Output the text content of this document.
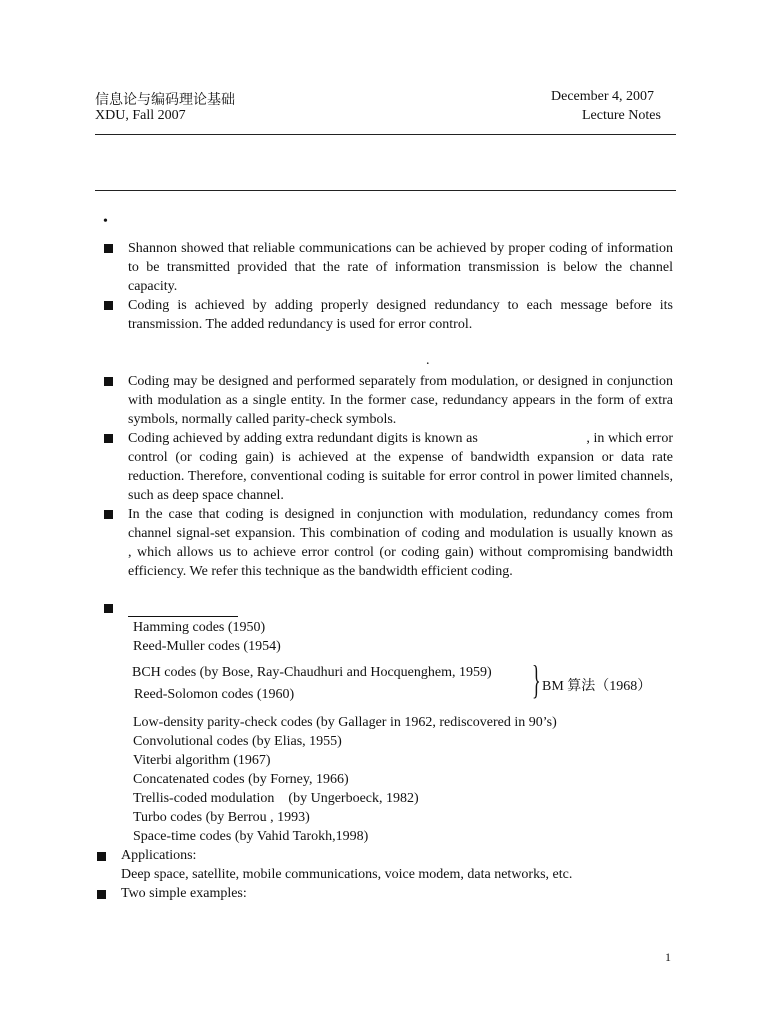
信息论与编码理论基础	December 4, 2007
XDU, Fall 2007	Lecture Notes
•
Shannon showed that reliable communications can be achieved by proper coding of information to be transmitted provided that the rate of information transmission is below the channel capacity.
Coding is achieved by adding properly designed redundancy to each message before its transmission. The added redundancy is used for error control.
.
Coding may be designed and performed separately from modulation, or designed in conjunction with modulation as a single entity. In the former case, redundancy appears in the form of extra symbols, normally called parity-check symbols.
Coding achieved by adding extra redundant digits is known as                              , in which error control (or coding gain) is achieved at the expense of bandwidth expansion or data rate reduction. Therefore, conventional coding is suitable for error control in power limited channels, such as deep space channel.
In the case that coding is designed in conjunction with modulation, redundancy comes from channel signal-set expansion. This combination of coding and modulation is usually known as                          , which allows us to achieve error control (or coding gain) without compromising bandwidth efficiency. We refer this technique as the bandwidth efficient coding.
Hamming codes (1950)
Reed-Muller codes (1954)
BCH codes (by Bose, Ray-Chaudhuri and Hocquenghem, 1959)
Reed-Solomon codes (1960)	} BM 算法（1968）
Low-density parity-check codes (by Gallager in 1962, rediscovered in 90’s)
Convolutional codes (by Elias, 1955)
Viterbi algorithm (1967)
Concatenated codes (by Forney, 1966)
Trellis-coded modulation    (by Ungerboeck, 1982)
Turbo codes (by Berrou , 1993)
Space-time codes (by Vahid Tarokh,1998)
Applications:
Deep space, satellite, mobile communications, voice modem, data networks, etc.
Two simple examples:
1
